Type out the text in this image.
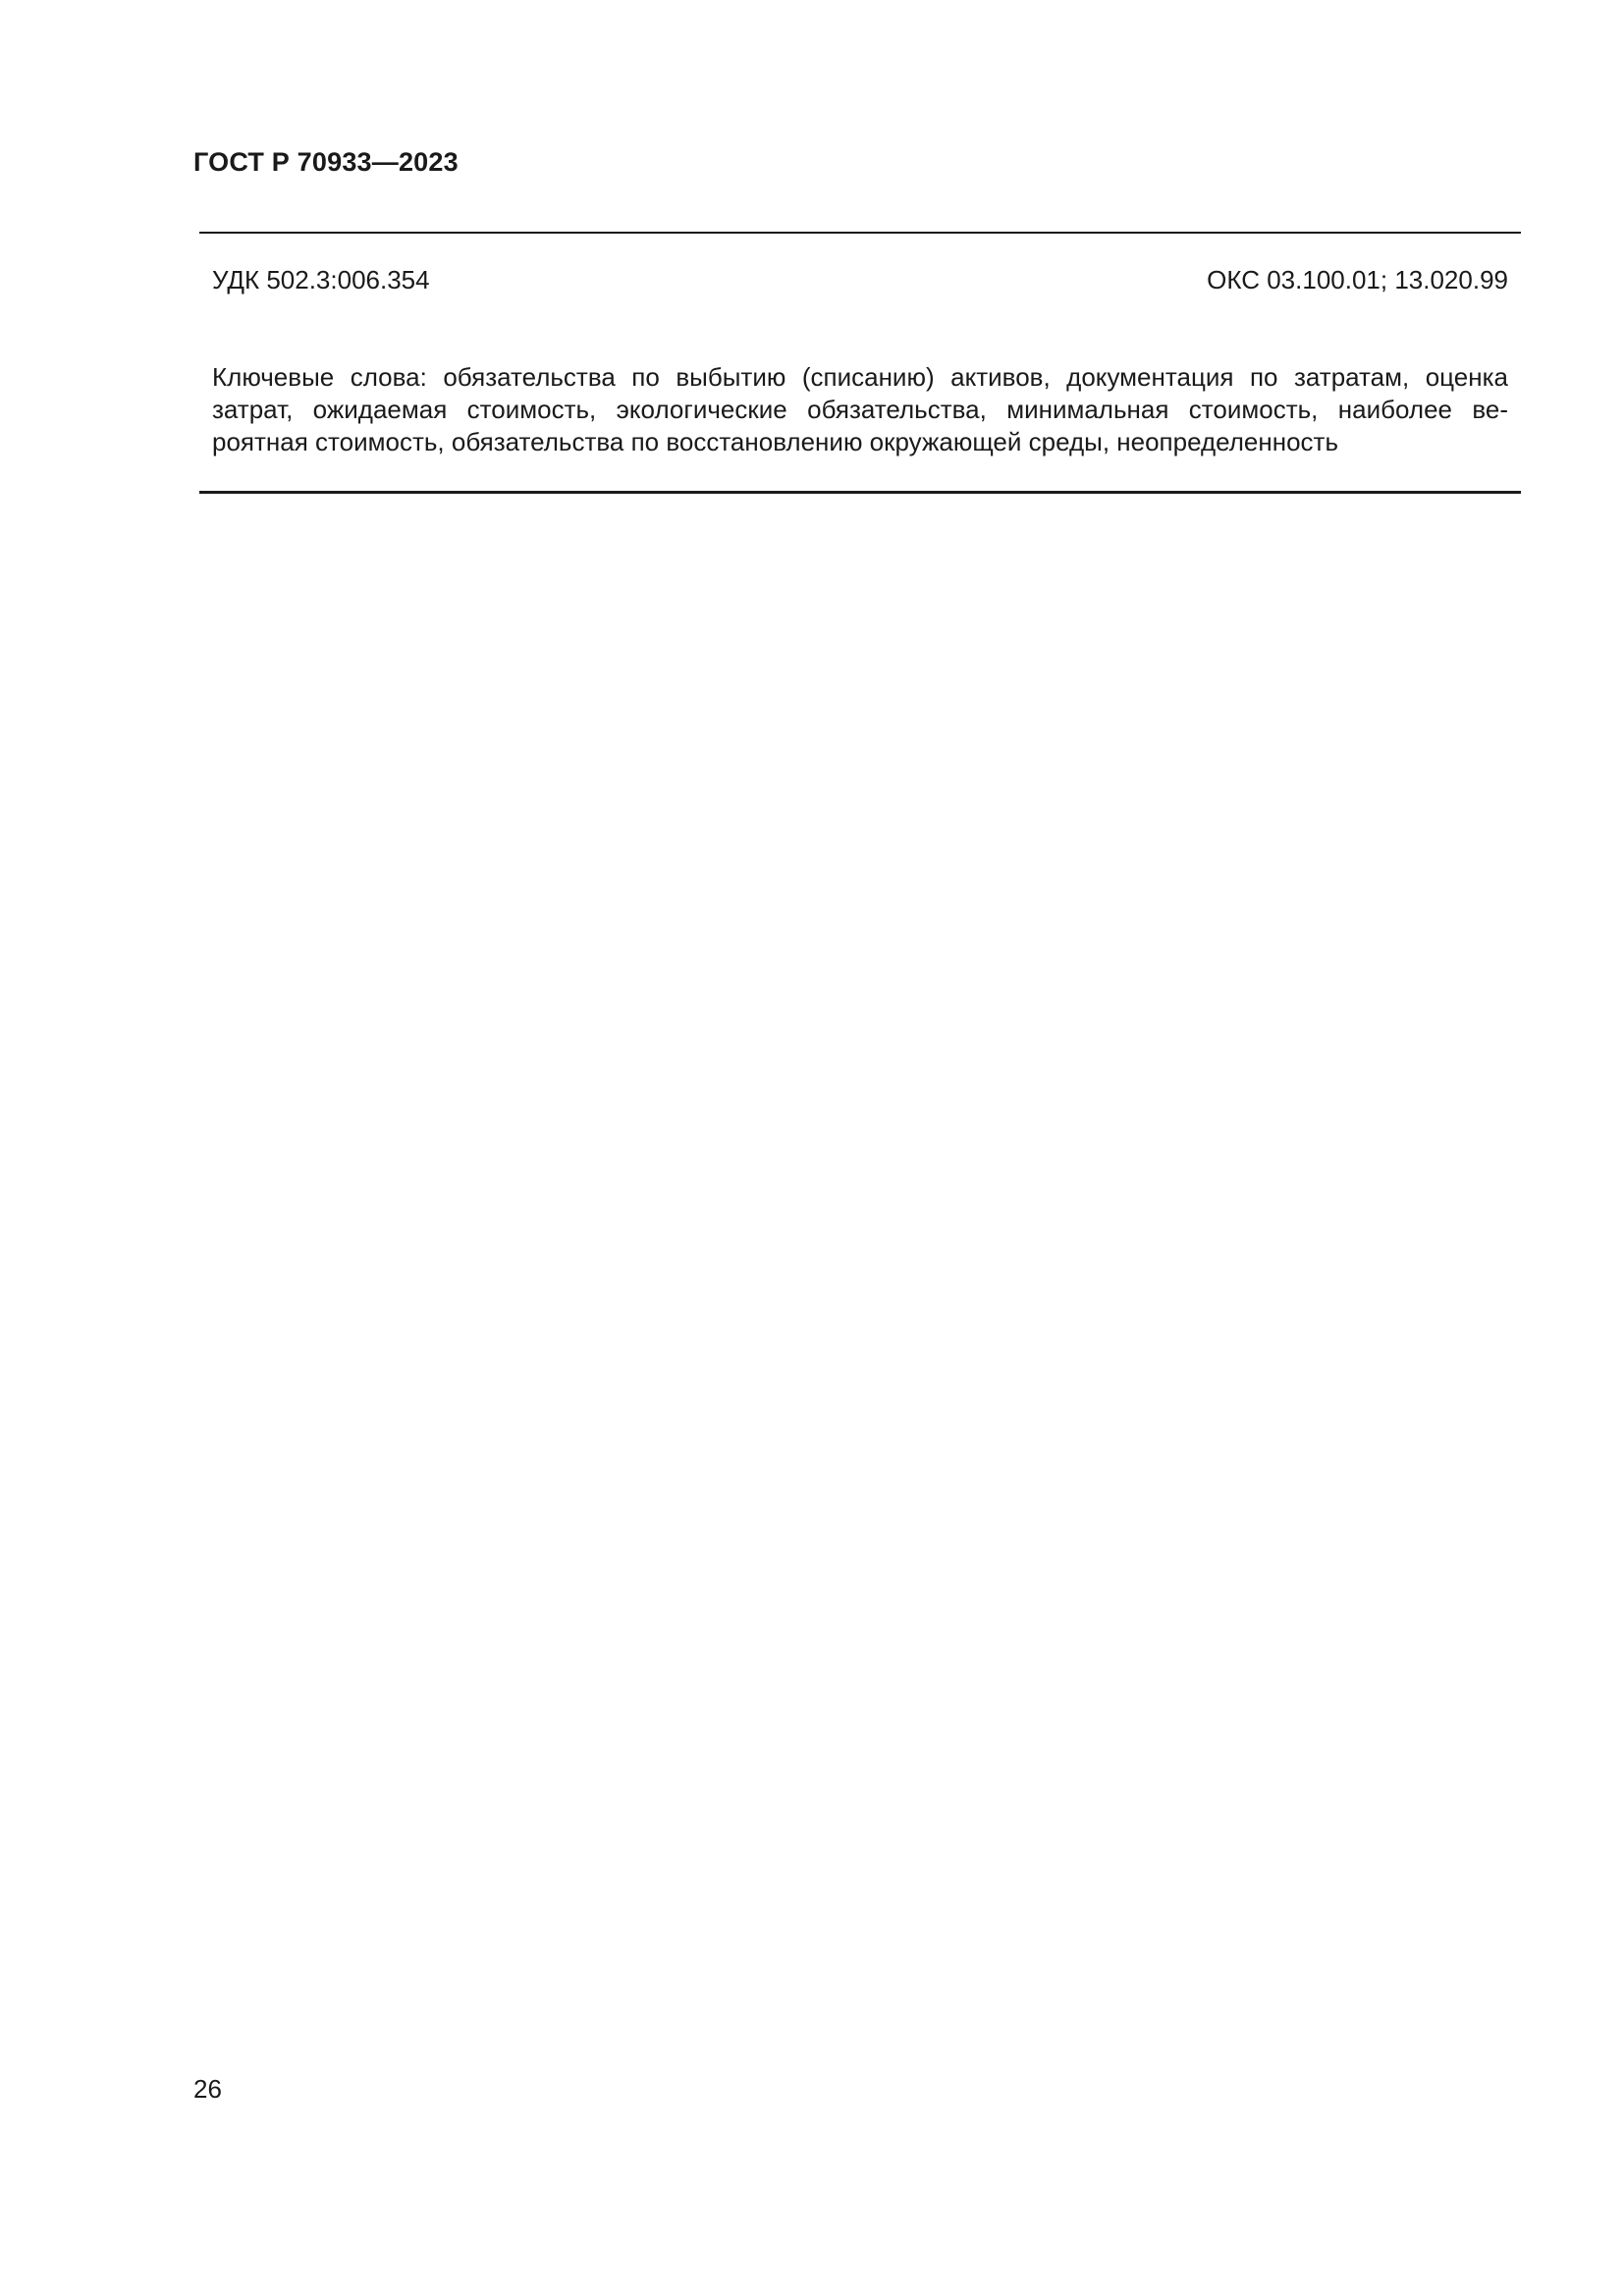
ГОСТ Р 70933—2023
УДК 502.3:006.354	ОКС 03.100.01; 13.020.99
Ключевые слова: обязательства по выбытию (списанию) активов, документация по затратам, оценка
затрат, ожидаемая стоимость, экологические обязательства, минимальная стоимость, наиболее ве-
роятная стоимость, обязательства по восстановлению окружающей среды, неопределенность
26
